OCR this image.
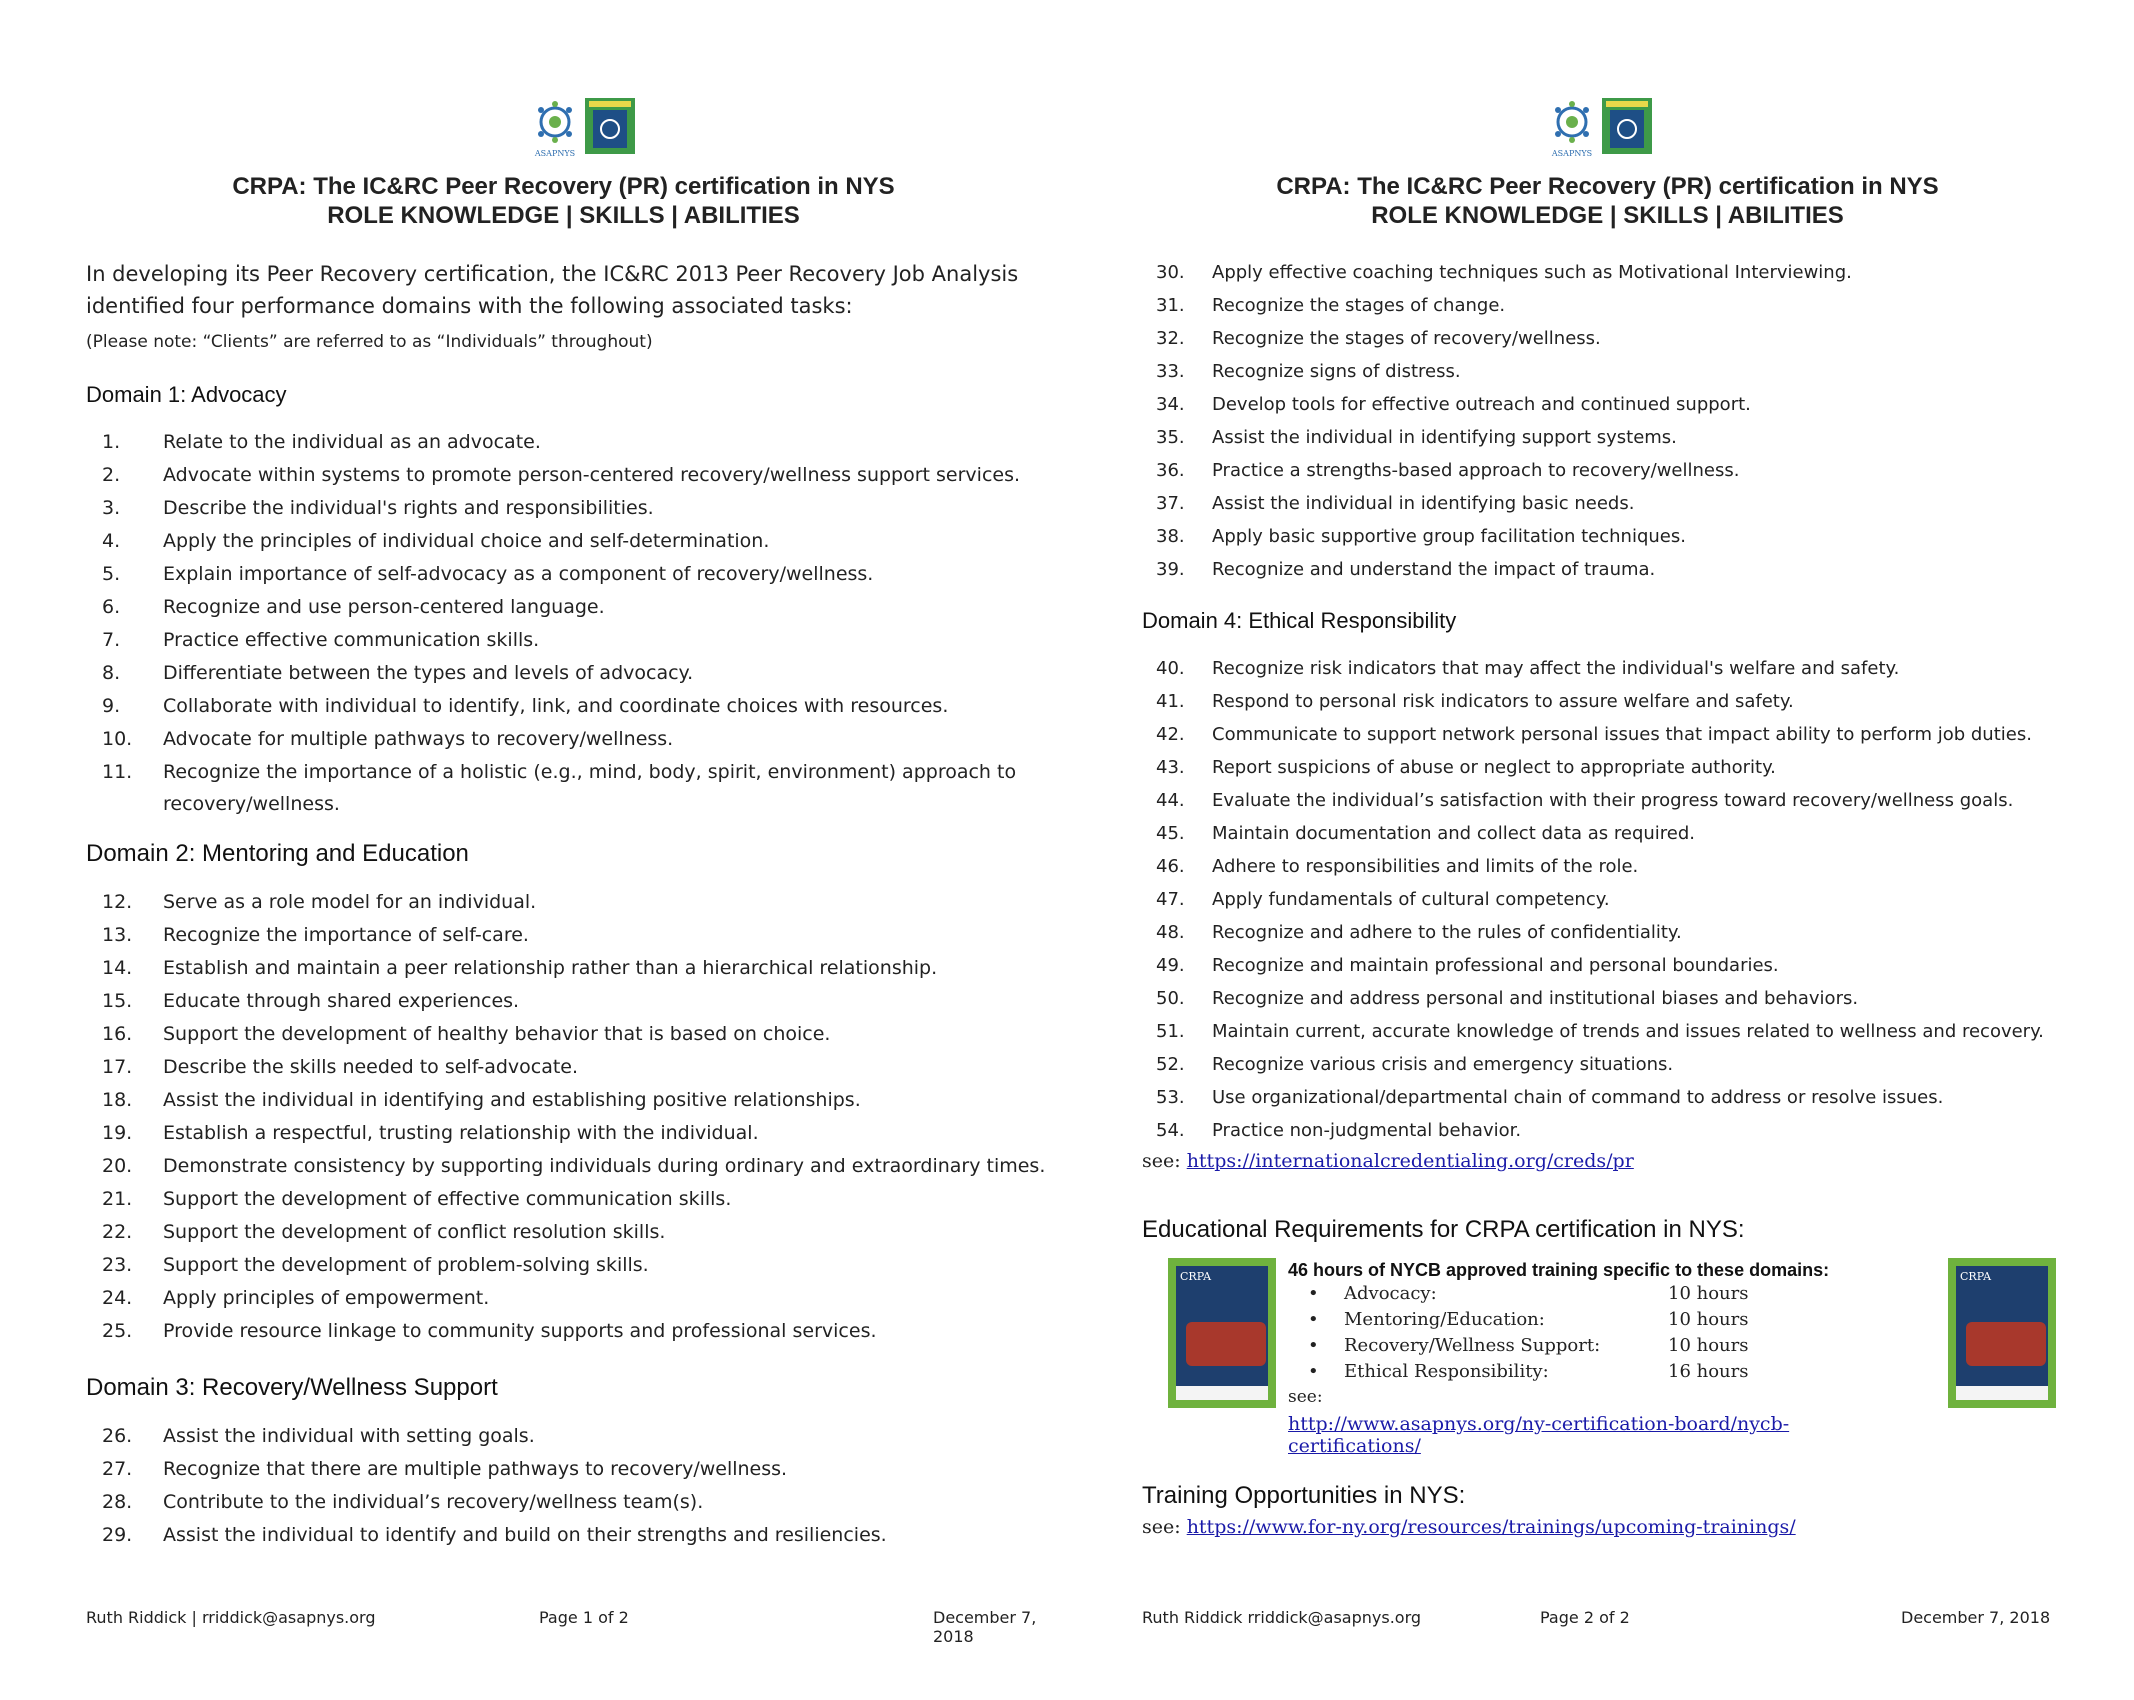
ASAPNYS
CRPA: The IC&RC Peer Recovery (PR) certification in NYS
ROLE KNOWLEDGE | SKILLS | ABILITIES
In developing its Peer Recovery certification, the IC&RC 2013 Peer Recovery Job Analysis
identified four performance domains with the following associated tasks:
(Please note: “Clients” are referred to as “Individuals” throughout)
Domain 1: Advocacy
1. Relate to the individual as an advocate.
2. Advocate within systems to promote person-centered recovery/wellness support services.
3. Describe the individual's rights and responsibilities.
4. Apply the principles of individual choice and self-determination.
5. Explain importance of self-advocacy as a component of recovery/wellness.
6. Recognize and use person-centered language.
7. Practice effective communication skills.
8. Differentiate between the types and levels of advocacy.
9. Collaborate with individual to identify, link, and coordinate choices with resources.
10. Advocate for multiple pathways to recovery/wellness.
11. Recognize the importance of a holistic (e.g., mind, body, spirit, environment) approach to recovery/wellness.
Domain 2: Mentoring and Education
12. Serve as a role model for an individual.
13. Recognize the importance of self-care.
14. Establish and maintain a peer relationship rather than a hierarchical relationship.
15. Educate through shared experiences.
16. Support the development of healthy behavior that is based on choice.
17. Describe the skills needed to self-advocate.
18. Assist the individual in identifying and establishing positive relationships.
19. Establish a respectful, trusting relationship with the individual.
20. Demonstrate consistency by supporting individuals during ordinary and extraordinary times.
21. Support the development of effective communication skills.
22. Support the development of conflict resolution skills.
23. Support the development of problem-solving skills.
24. Apply principles of empowerment.
25. Provide resource linkage to community supports and professional services.
Domain 3: Recovery/Wellness Support
26. Assist the individual with setting goals.
27. Recognize that there are multiple pathways to recovery/wellness.
28. Contribute to the individual’s recovery/wellness team(s).
29. Assist the individual to identify and build on their strengths and resiliencies.
Ruth Riddick | rriddick@asapnys.org	Page 1 of 2	December 7, 2018
ASAPNYS
CRPA: The IC&RC Peer Recovery (PR) certification in NYS
ROLE KNOWLEDGE | SKILLS | ABILITIES
30. Apply effective coaching techniques such as Motivational Interviewing.
31. Recognize the stages of change.
32. Recognize the stages of recovery/wellness.
33. Recognize signs of distress.
34. Develop tools for effective outreach and continued support.
35. Assist the individual in identifying support systems.
36. Practice a strengths-based approach to recovery/wellness.
37. Assist the individual in identifying basic needs.
38. Apply basic supportive group facilitation techniques.
39. Recognize and understand the impact of trauma.
Domain 4: Ethical Responsibility
40. Recognize risk indicators that may affect the individual's welfare and safety.
41. Respond to personal risk indicators to assure welfare and safety.
42. Communicate to support network personal issues that impact ability to perform job duties.
43. Report suspicions of abuse or neglect to appropriate authority.
44. Evaluate the individual’s satisfaction with their progress toward recovery/wellness goals.
45. Maintain documentation and collect data as required.
46. Adhere to responsibilities and limits of the role.
47. Apply fundamentals of cultural competency.
48. Recognize and adhere to the rules of confidentiality.
49. Recognize and maintain professional and personal boundaries.
50. Recognize and address personal and institutional biases and behaviors.
51. Maintain current, accurate knowledge of trends and issues related to wellness and recovery.
52. Recognize various crisis and emergency situations.
53. Use organizational/departmental chain of command to address or resolve issues.
54. Practice non-judgmental behavior.
see: https://internationalcredentialing.org/creds/pr
Educational Requirements for CRPA certification in NYS:
CRPA	CRPA
46 hours of NYCB approved training specific to these domains:
• Advocacy:	10 hours
• Mentoring/Education:	10 hours
• Recovery/Wellness Support:	10 hours
• Ethical Responsibility:	16 hours
see:
http://www.asapnys.org/ny-certification-board/nycb-certifications/
Training Opportunities in NYS:
see: https://www.for-ny.org/resources/trainings/upcoming-trainings/
Ruth Riddick rriddick@asapnys.org	Page 2 of 2	December 7, 2018
